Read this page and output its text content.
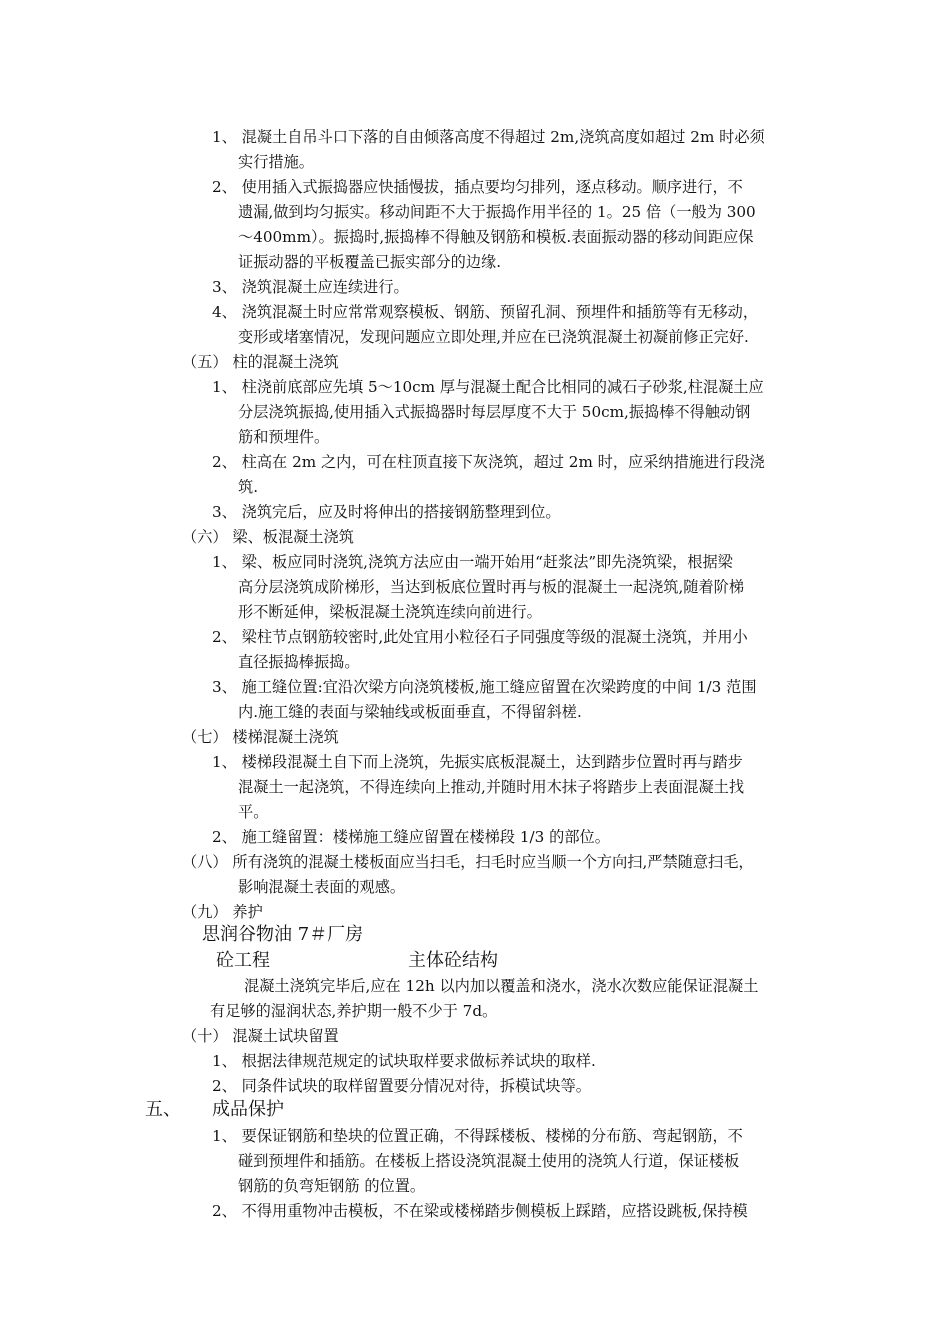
1、 混凝土自吊斗口下落的自由倾落高度不得超过 2m,浇筑高度如超过 2m 时必须
实行措施。
2、 使用插入式振捣器应快插慢拔，插点要均匀排列，逐点移动。顺序进行，不
遗漏,做到均匀振实。移动间距不大于振捣作用半径的 1。25 倍（一般为 300
～400mm）。振捣时,振捣棒不得触及钢筋和模板.表面振动器的移动间距应保
证振动器的平板覆盖已振实部分的边缘.
3、 浇筑混凝土应连续进行。
4、 浇筑混凝土时应常常观察模板、钢筋、预留孔洞、预埋件和插筋等有无移动，
变形或堵塞情况，发现问题应立即处理,并应在已浇筑混凝土初凝前修正完好.
（五） 柱的混凝土浇筑
1、 柱浇前底部应先填 5～10cm 厚与混凝土配合比相同的减石子砂浆,柱混凝土应
分层浇筑振捣,使用插入式振捣器时每层厚度不大于 50cm,振捣棒不得触动钢
筋和预埋件。
2、 柱高在 2m 之内，可在柱顶直接下灰浇筑，超过 2m 时，应采纳措施进行段浇
筑.
3、 浇筑完后，应及时将伸出的搭接钢筋整理到位。
（六） 梁、板混凝土浇筑
1、 梁、板应同时浇筑,浇筑方法应由一端开始用“赶浆法”即先浇筑梁，根据梁
高分层浇筑成阶梯形，当达到板底位置时再与板的混凝土一起浇筑,随着阶梯
形不断延伸，梁板混凝土浇筑连续向前进行。
2、 梁柱节点钢筋较密时,此处宜用小粒径石子同强度等级的混凝土浇筑，并用小
直径振捣棒振捣。
3、 施工缝位置:宜沿次梁方向浇筑楼板,施工缝应留置在次梁跨度的中间 1/3 范围
内.施工缝的表面与梁轴线或板面垂直，不得留斜槎.
（七） 楼梯混凝土浇筑
1、 楼梯段混凝土自下而上浇筑，先振实底板混凝土，达到踏步位置时再与踏步
混凝土一起浇筑，不得连续向上推动,并随时用木抹子将踏步上表面混凝土找
平。
2、 施工缝留置：楼梯施工缝应留置在楼梯段 1/3 的部位。
（八） 所有浇筑的混凝土楼板面应当扫毛，扫毛时应当顺一个方向扫,严禁随意扫毛，
影响混凝土表面的观感。
（九） 养护
思润谷物油 7＃厂房
砼工程	主体砼结构
混凝土浇筑完毕后,应在 12h 以内加以覆盖和浇水，浇水次数应能保证混凝土
有足够的湿润状态,养护期一般不少于 7d。
（十） 混凝土试块留置
1、 根据法律规范规定的试块取样要求做标养试块的取样.
2、 同条件试块的取样留置要分情况对待，拆模试块等。
五、 成品保护
1、 要保证钢筋和垫块的位置正确，不得踩楼板、楼梯的分布筋、弯起钢筋，不
碰到预埋件和插筋。在楼板上搭设浇筑混凝土使用的浇筑人行道，保证楼板
钢筋的负弯矩钢筋 的位置。
2、 不得用重物冲击模板，不在梁或楼梯踏步侧模板上踩踏，应搭设跳板,保持模
